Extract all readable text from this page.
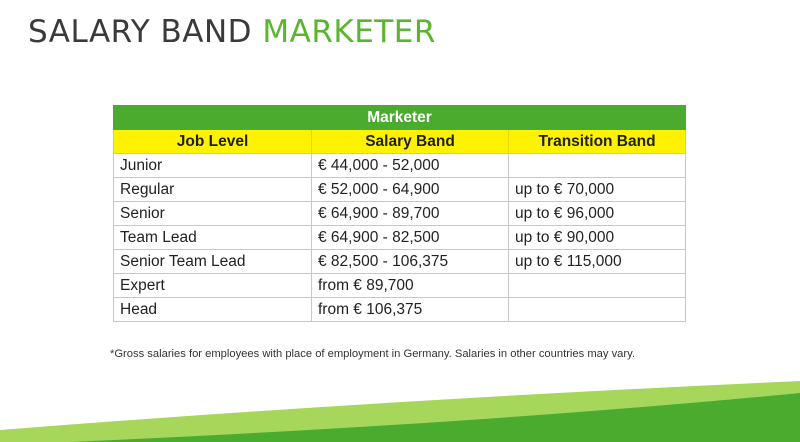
SALARY BAND MARKETER
Marketer		
Job Level	Salary Band	Transition Band
Junior	€ 44,000 - 52,000	
Regular	€ 52,000 - 64,900	up to € 70,000
Senior	€ 64,900 - 89,700	up to € 96,000
Team Lead	€ 64,900 - 82,500	up to € 90,000
Senior Team Lead	€ 82,500 - 106,375	up to € 115,000
Expert	from € 89,700	
Head	from € 106,375	

*Gross salaries for employees with place of employment in Germany. Salaries in other countries may vary.
